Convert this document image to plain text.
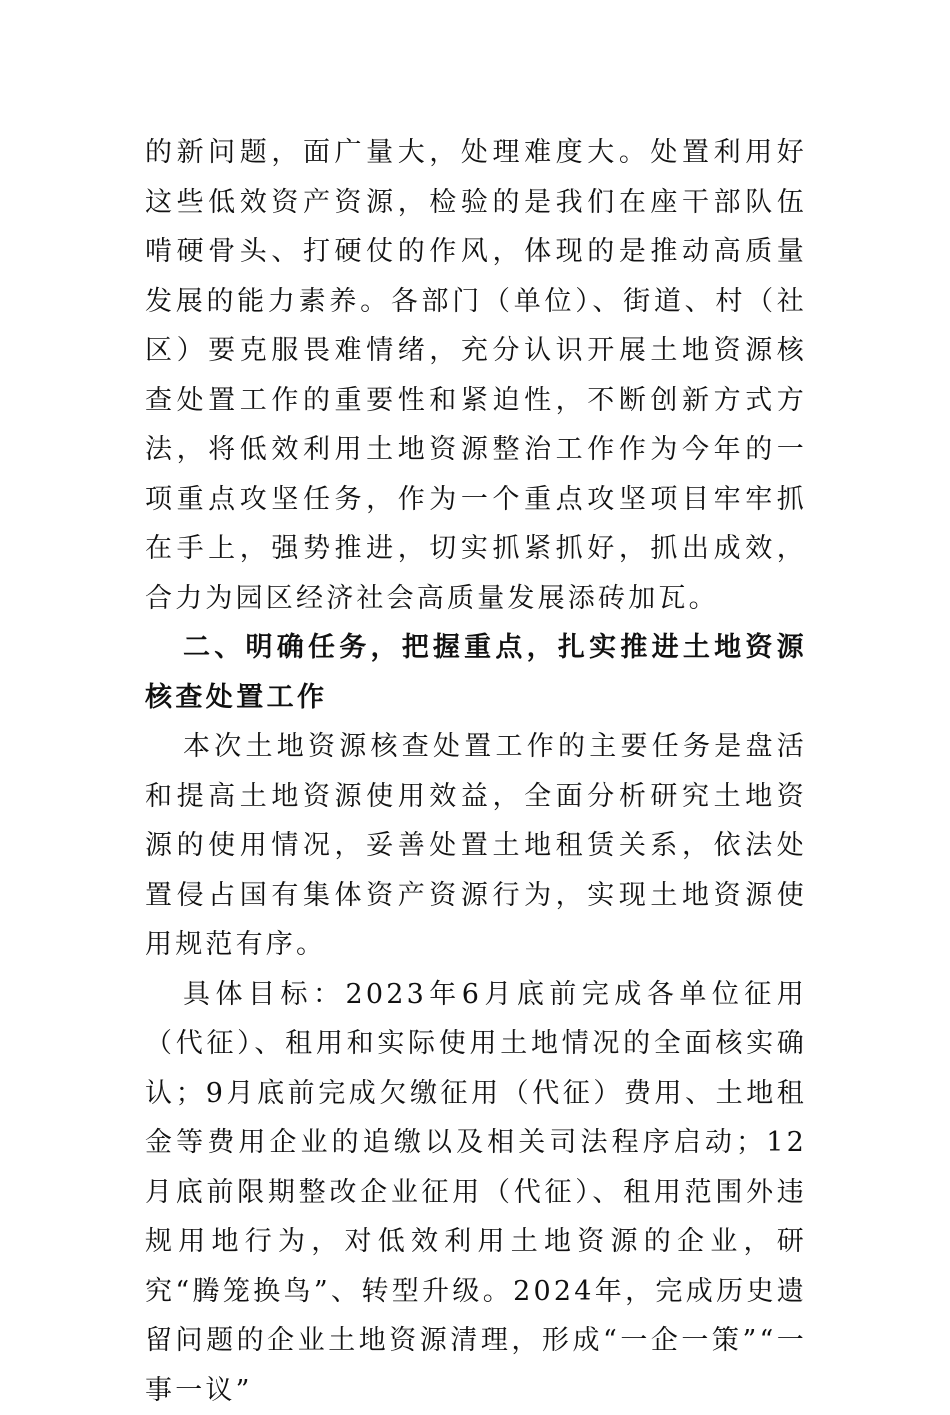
的新问题，面广量大，处理难度大。处置利用好这些低效资产资源，检验的是我们在座干部队伍啃硬骨头、打硬仗的作风，体现的是推动高质量发展的能力素养。各部门（单位）、街道、村（社区）要克服畏难情绪，充分认识开展土地资源核查处置工作的重要性和紧迫性，不断创新方式方法，将低效利用土地资源整治工作作为今年的一项重点攻坚任务，作为一个重点攻坚项目牢牢抓在手上，强势推进，切实抓紧抓好，抓出成效，合力为园区经济社会高质量发展添砖加瓦。

二、明确任务，把握重点，扎实推进土地资源核查处置工作

本次土地资源核查处置工作的主要任务是盘活和提高土地资源使用效益，全面分析研究土地资源的使用情况，妥善处置土地租赁关系，依法处置侵占国有集体资产资源行为，实现土地资源使用规范有序。

具体目标：2023年6月底前完成各单位征用（代征）、租用和实际使用土地情况的全面核实确认；9月底前完成欠缴征用（代征）费用、土地租金等费用企业的追缴以及相关司法程序启动；12月底前限期整改企业征用（代征）、租用范围外违规用地行为，对低效利用土地资源的企业，研究“腾笼换鸟”、转型升级。2024年，完成历史遗留问题的企业土地资源清理，形成“一企一策”“一事一议”
